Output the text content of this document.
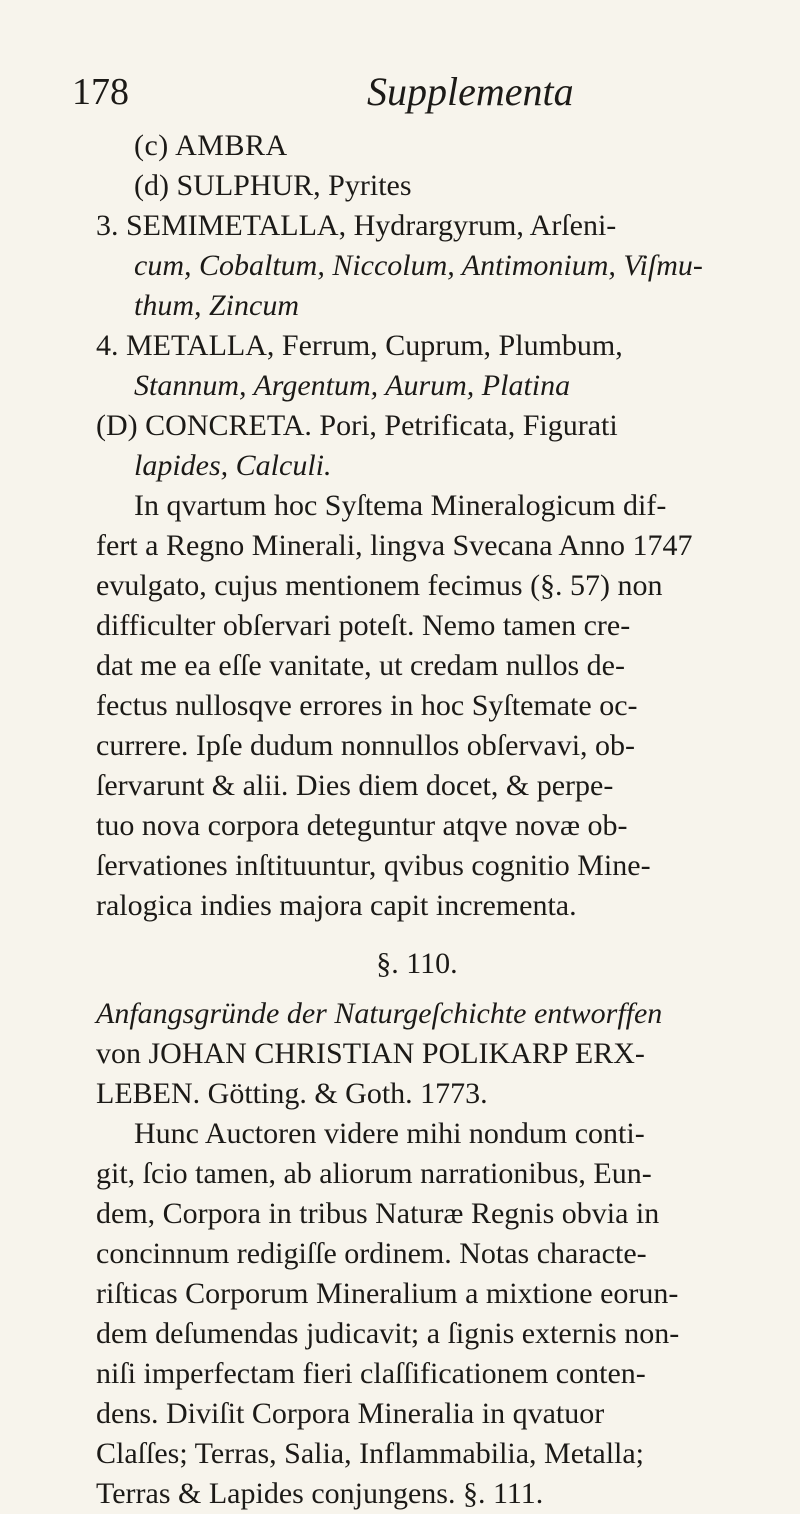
178	Supplementa
(c) AMBRA
(d) SULPHUR, Pyrites
3. SEMIMETALLA, Hydrargyrum, Arſeni-
cum, Cobaltum, Niccolum, Antimonium, Viſmu-
thum, Zincum
4. METALLA, Ferrum, Cuprum, Plumbum,
Stannum, Argentum, Aurum, Platina
(D) CONCRETA. Pori, Petrificata, Figurati
lapides, Calculi.
In qvartum hoc Syſtema Mineralogicum dif-
fert a Regno Minerali, lingva Svecana Anno 1747
evulgato, cujus mentionem fecimus (§. 57) non
difficulter obſervari poteſt. Nemo tamen cre-
dat me ea eſſe vanitate, ut credam nullos de-
fectus nullosqve errores in hoc Syſtemate oc-
currere. Ipſe dudum nonnullos obſervavi, ob-
ſervarunt & alii. Dies diem docet, & perpe-
tuo nova corpora deteguntur atqve novæ ob-
ſervationes inſtituuntur, qvibus cognitio Mine-
ralogica indies majora capit incrementa.
§. 110.
Anfangsgründe der Naturgeſchichte entworffen
von JOHAN CHRISTIAN POLIKARP ERX-
LEBEN. Götting. & Goth. 1773.
Hunc Auctoren videre mihi nondum conti-
git, ſcio tamen, ab aliorum narrationibus, Eun-
dem, Corpora in tribus Naturæ Regnis obvia in
concinnum redigiſſe ordinem. Notas characte-
riſticas Corporum Mineralium a mixtione eorun-
dem deſumendas judicavit; a ſignis externis non-
niſi imperfectam fieri claſſificationem conten-
dens. Diviſit Corpora Mineralia in qvatuor
Claſſes; Terras, Salia, Inflammabilia, Metalla;
Terras & Lapides conjungens. §. 111.
